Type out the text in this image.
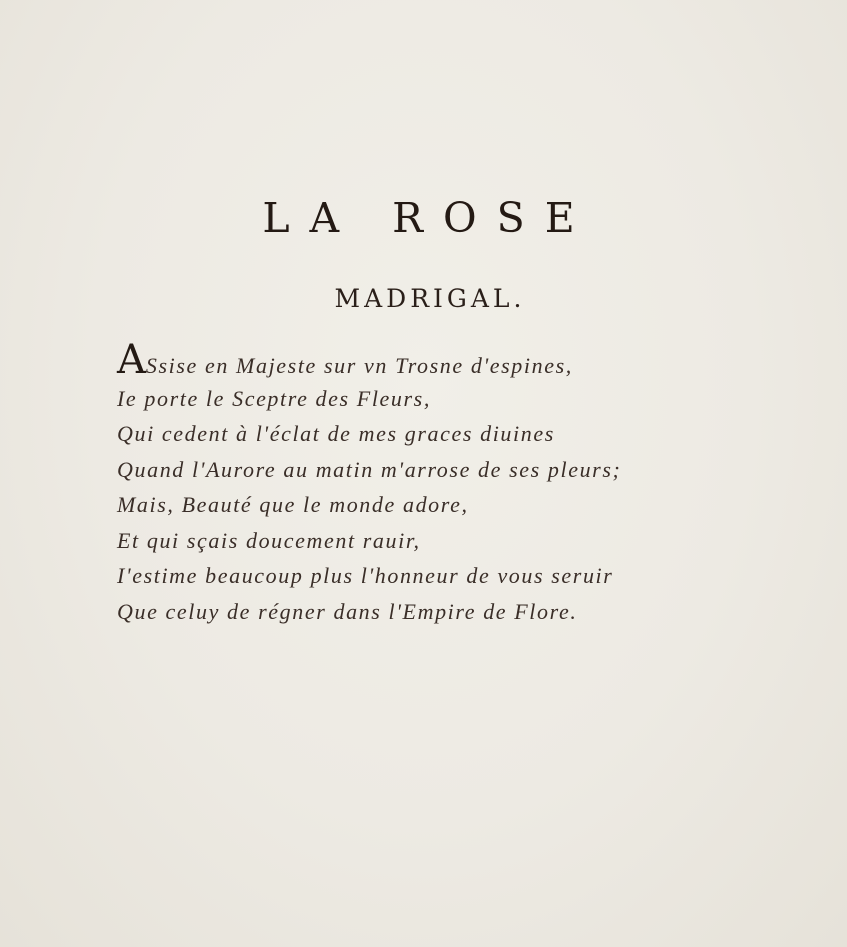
LA ROSE
MADRIGAL.
ASsise en Majeste sur vn Trosne d'espines,
Ie porte le Sceptre des Fleurs,
Qui cedent à l'éclat de mes graces diuines
Quand l'Aurore au matin m'arrose de ses pleurs;
Mais, Beauté que le monde adore,
Et qui sçais doucement rauir,
I'estime beaucoup plus l'honneur de vous seruir
Que celuy de régner dans l'Empire de Flore.
